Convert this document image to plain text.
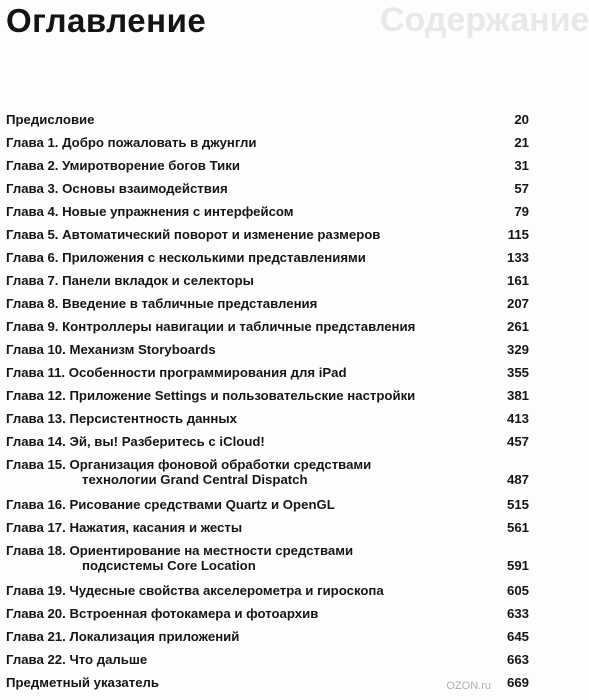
Содержание
Оглавление
Предисловие	20
Глава 1. Добро пожаловать в джунгли	21
Глава 2. Умиротворение богов Тики	31
Глава 3. Основы взаимодействия	57
Глава 4. Новые упражнения с интерфейсом	79
Глава 5. Автоматический поворот и изменение размеров	115
Глава 6. Приложения с несколькими представлениями	133
Глава 7. Панели вкладок и селекторы	161
Глава 8. Введение в табличные представления	207
Глава 9. Контроллеры навигации и табличные представления	261
Глава 10. Механизм Storyboards	329
Глава 11. Особенности программирования для iPad	355
Глава 12. Приложение Settings и пользовательские настройки	381
Глава 13. Персистентность данных	413
Глава 14. Эй, вы! Разберитесь с iCloud!	457
Глава 15. Организация фоновой обработки средствами
технологии Grand Central Dispatch	487
Глава 16. Рисование средствами Quartz и OpenGL	515
Глава 17. Нажатия, касания и жесты	561
Глава 18. Ориентирование на местности средствами
подсистемы Core Location	591
Глава 19. Чудесные свойства акселерометра и гироскопа	605
Глава 20. Встроенная фотокамера и фотоархив	633
Глава 21. Локализация приложений	645
Глава 22. Что дальше	663
Предметный указатель	669
OZON.ru
